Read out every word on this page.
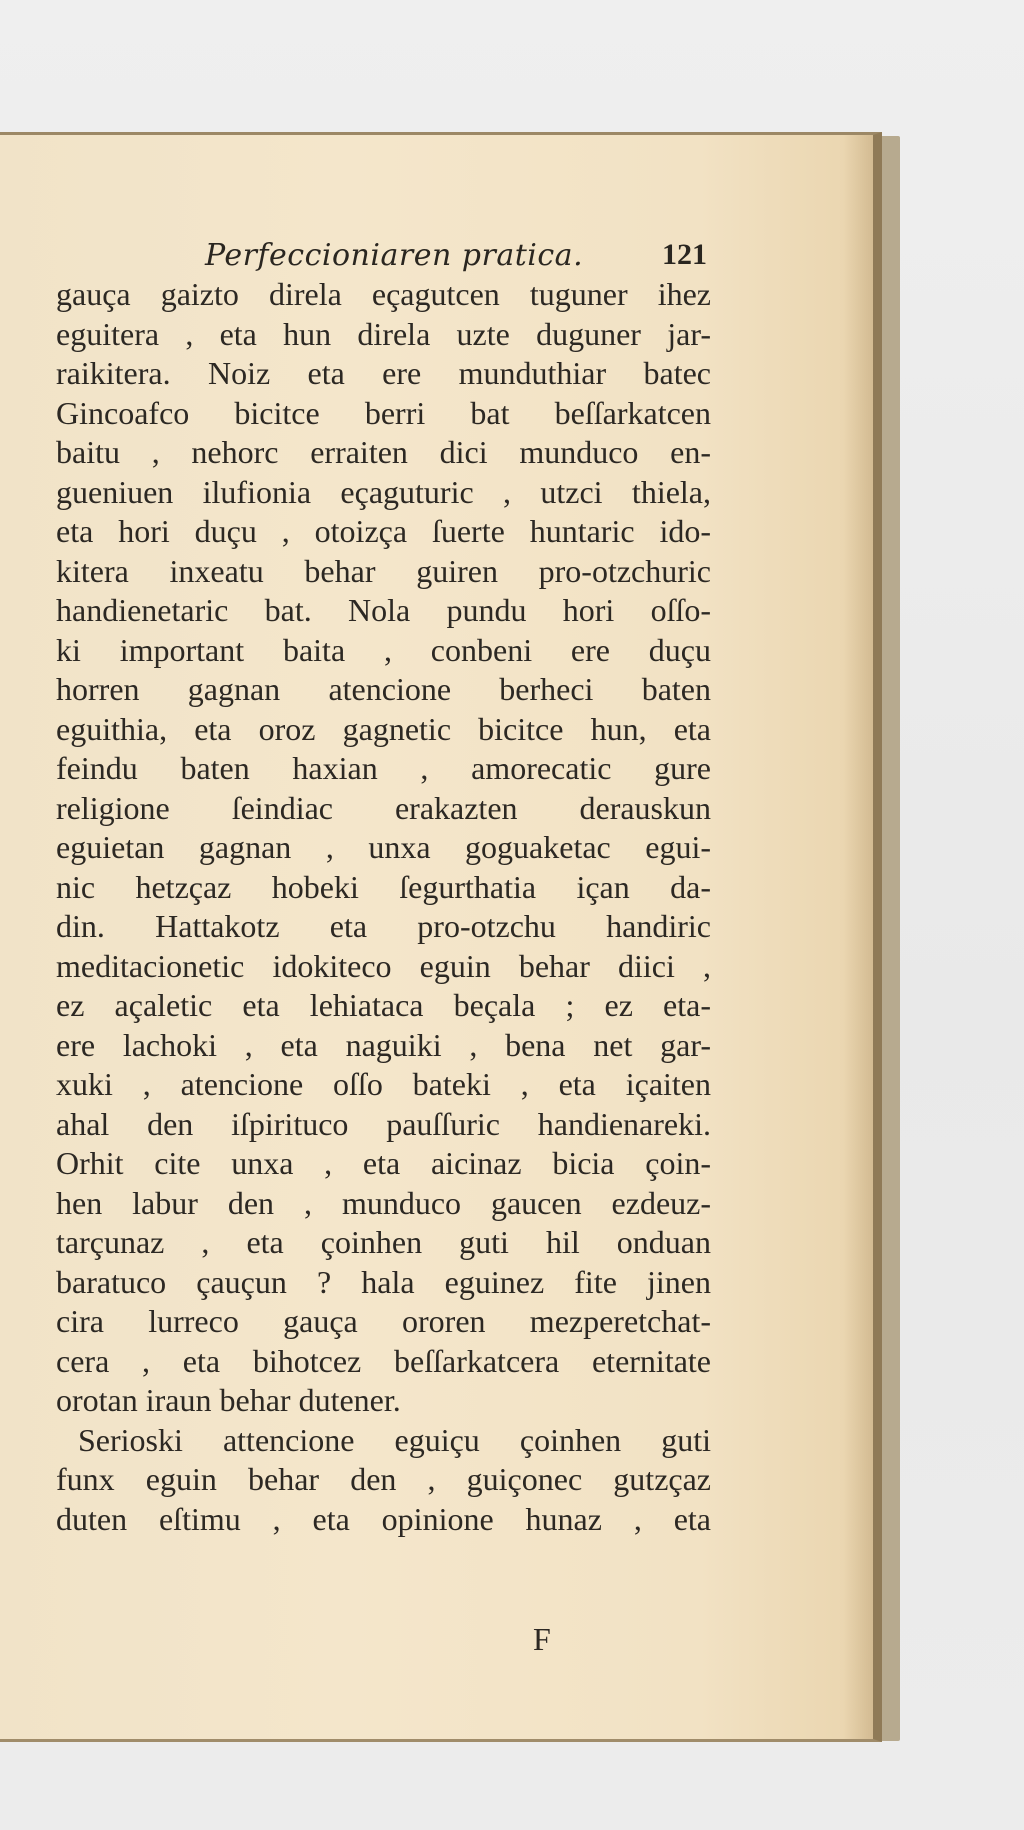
Perfeccioniaren pratica.	121
gauça gaizto direla eçagutcen tuguner ihez
eguitera , eta hun direla uzte duguner jar-
raikitera. Noiz eta ere munduthiar batec
Gincoafco bicitce berri bat beſſarkatcen
baitu , nehorc erraiten dici munduco en-
gueniuen ilufionia eçaguturic , utzci thiela,
eta hori duçu , otoizça ſuerte huntaric ido-
kitera inxeatu behar guiren pro-otzchuric
handienetaric bat. Nola pundu hori oſſo-
ki important baita , conbeni ere duçu
horren gagnan atencione berheci baten
eguithia, eta oroz gagnetic bicitce hun, eta
feindu baten haxian , amorecatic gure
religione ſeindiac erakazten derauskun
eguietan gagnan , unxa goguaketac egui-
nic hetzçaz hobeki ſegurthatia içan da-
din. Hattakotz eta pro-otzchu handiric
meditacionetic idokiteco eguin behar diici ,
ez açaletic eta lehiataca beçala ; ez eta-
ere lachoki , eta naguiki , bena net gar-
xuki , atencione oſſo bateki , eta içaiten
ahal den iſpirituco pauſſuric handienareki.
Orhit cite unxa , eta aicinaz bicia çoin-
hen labur den , munduco gaucen ezdeuz-
tarçunaz , eta çoinhen guti hil onduan
baratuco çauçun ? hala eguinez fite jinen
cira lurreco gauça ororen mezperetchat-
cera , eta bihotcez beſſarkatcera eternitate
orotan iraun behar dutener.
Serioski attencione eguiçu çoinhen guti
funx eguin behar den , guiçonec gutzçaz
duten eſtimu , eta opinione hunaz , eta
F
